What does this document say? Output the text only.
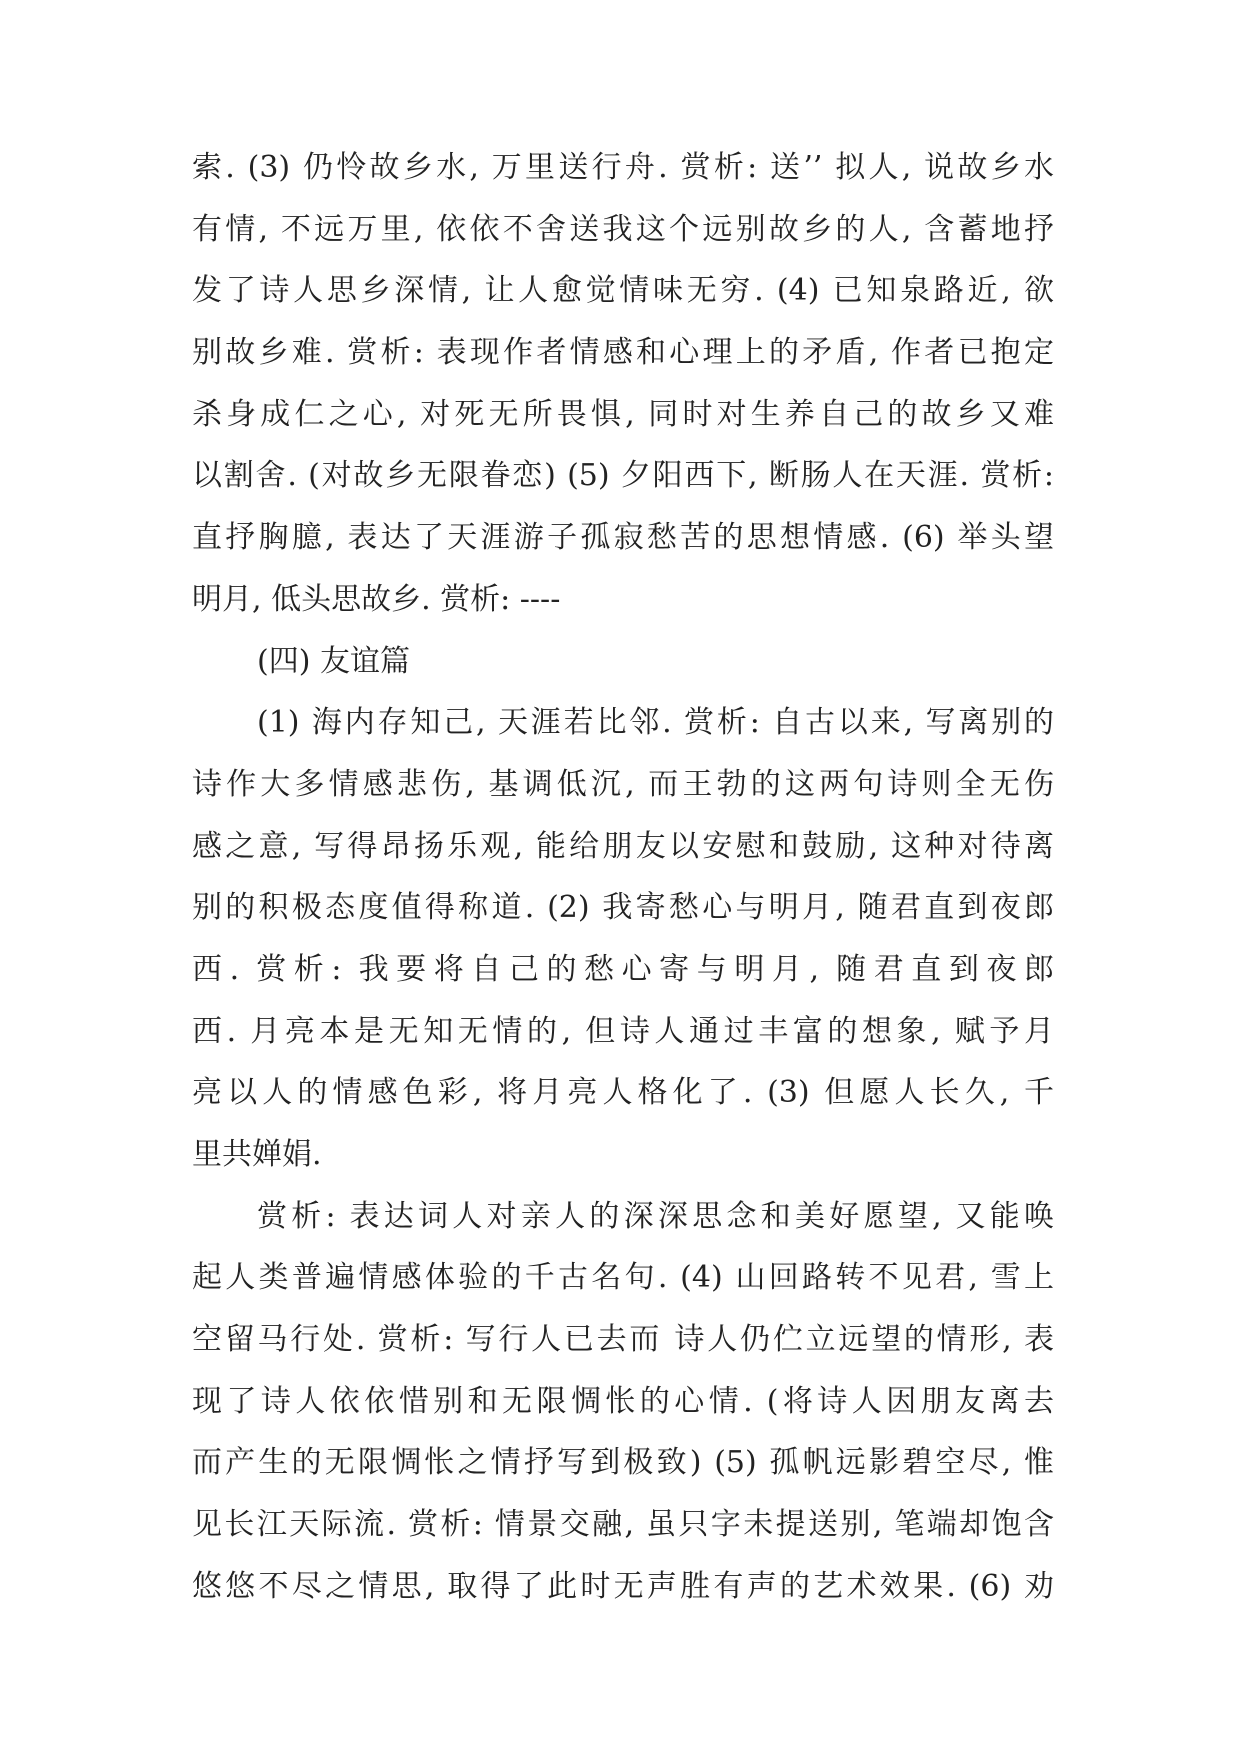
索. (3) 仍怜故乡水, 万里送行舟. 赏析: 送’’ 拟人, 说故乡水
有情, 不远万里, 依依不舍送我这个远别故乡的人, 含蓄地抒
发了诗人思乡深情, 让人愈觉情味无穷. (4) 已知泉路近, 欲
别故乡难. 赏析: 表现作者情感和心理上的矛盾, 作者已抱定
杀身成仁之心, 对死无所畏惧, 同时对生养自己的故乡又难
以割舍. (对故乡无限眷恋) (5) 夕阳西下, 断肠人在天涯. 赏析:
直抒胸臆, 表达了天涯游子孤寂愁苦的思想情感. (6) 举头望
明月, 低头思故乡. 赏析: ----
(四) 友谊篇
(1) 海内存知己, 天涯若比邻. 赏析: 自古以来, 写离别的
诗作大多情感悲伤, 基调低沉, 而王勃的这两句诗则全无伤
感之意, 写得昂扬乐观, 能给朋友以安慰和鼓励, 这种对待离
别的积极态度值得称道. (2) 我寄愁心与明月, 随君直到夜郎
西. 赏析: 我要将自己的愁心寄与明月, 随君直到夜郎
西. 月亮本是无知无情的, 但诗人通过丰富的想象, 赋予月
亮以人的情感色彩, 将月亮人格化了. (3) 但愿人长久, 千
里共婵娟.
赏析: 表达词人对亲人的深深思念和美好愿望, 又能唤
起人类普遍情感体验的千古名句. (4) 山回路转不见君, 雪上
空留马行处. 赏析: 写行人已去而 诗人仍伫立远望的情形, 表
现了诗人依依惜别和无限惆怅的心情. (将诗人因朋友离去
而产生的无限惆怅之情抒写到极致) (5) 孤帆远影碧空尽, 惟
见长江天际流. 赏析: 情景交融, 虽只字未提送别, 笔端却饱含
悠悠不尽之情思, 取得了此时无声胜有声的艺术效果. (6) 劝
